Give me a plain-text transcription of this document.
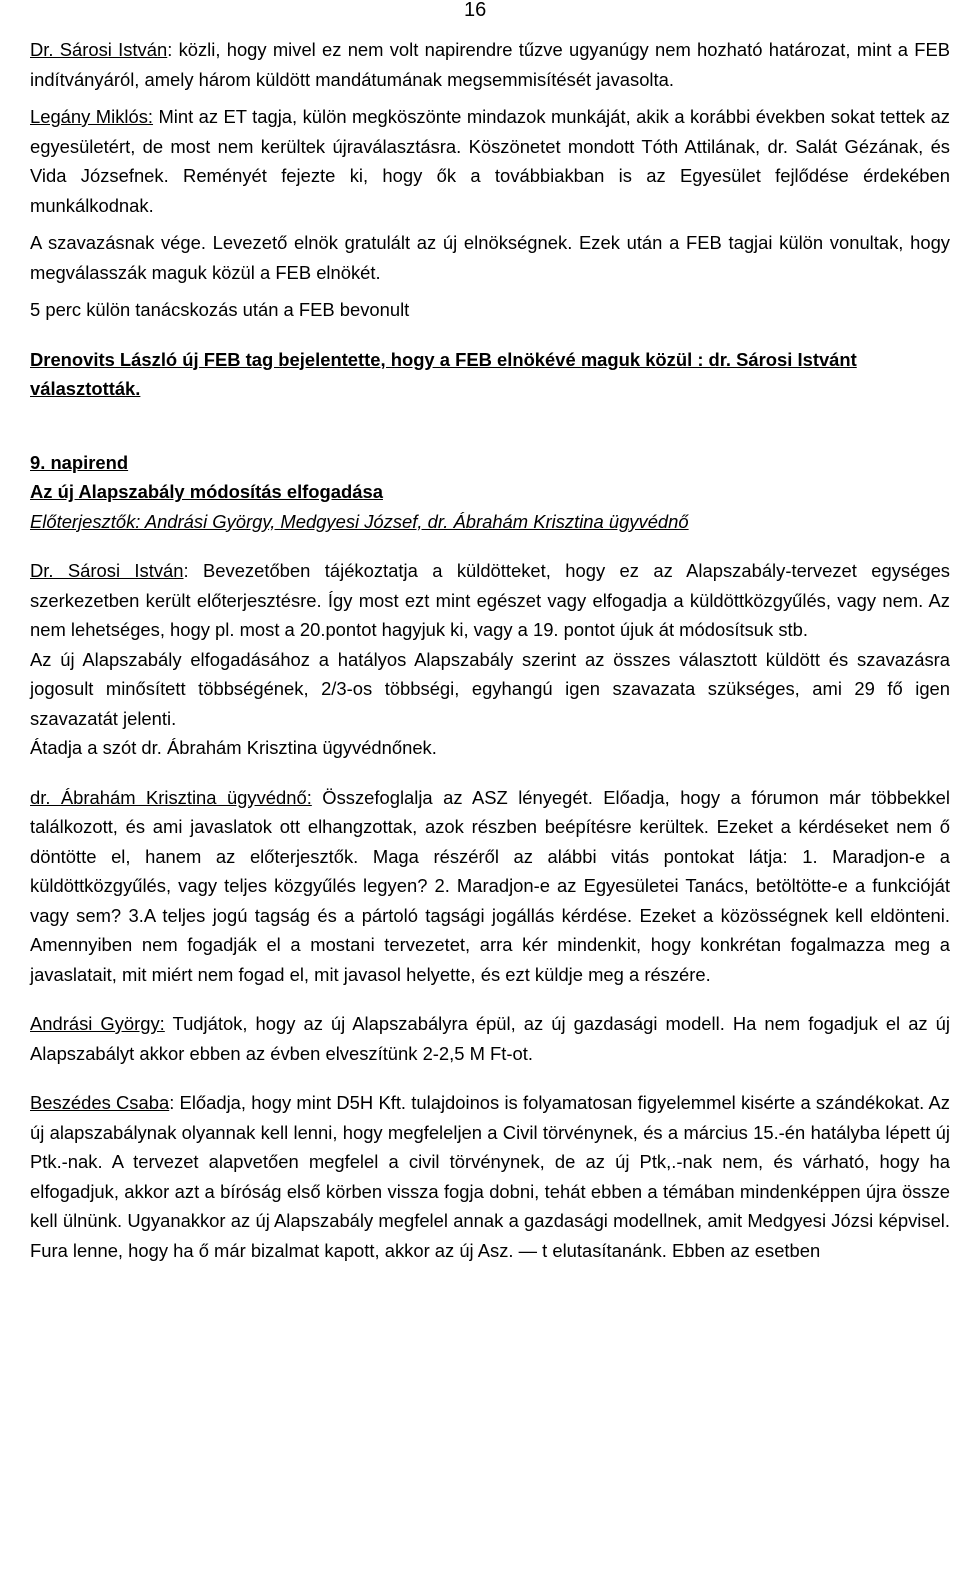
16

Dr. Sárosi István: közli, hogy mivel ez nem volt napirendre tűzve ugyanúgy nem hozható határozat, mint a FEB indítványáról, amely három küldött mandátumának megsemmisítését javasolta.

Legány Miklós: Mint az ET tagja, külön megköszönte mindazok munkáját, akik a korábbi években sokat tettek az egyesületért, de most nem kerültek újraválasztásra. Köszönetet mondott Tóth Attilának, dr. Salát Gézának, és Vida Józsefnek. Reményét fejezte ki, hogy ők a továbbiakban is az Egyesület fejlődése érdekében munkálkodnak.

A szavazásnak vége. Levezető elnök gratulált az új elnökségnek. Ezek után a FEB tagjai külön vonultak, hogy megválasszák maguk közül a FEB elnökét.

5 perc külön tanácskozás után a FEB bevonult

Drenovits László új FEB tag bejelentette, hogy a FEB elnökévé maguk közül : dr. Sárosi Istvánt választották.

9. napirend

Az új Alapszabály módosítás elfogadása

Előterjesztők: Andrási György, Medgyesi József, dr. Ábrahám Krisztina ügyvédnő

Dr. Sárosi István: Bevezetőben tájékoztatja a küldötteket, hogy ez az Alapszabály-tervezet egységes szerkezetben került előterjesztésre. Így most ezt mint egészet vagy elfogadja a küldöttközgyűlés, vagy nem. Az nem lehetséges, hogy pl. most a 20.pontot hagyjuk ki, vagy a 19. pontot újuk át módosítsuk stb.

Az új Alapszabály elfogadásához a hatályos Alapszabály szerint az összes választott küldött és szavazásra jogosult minősített többségének, 2/3-os többségi, egyhangú igen szavazata szükséges, ami 29 fő igen szavazatát jelenti.

Átadja a szót dr. Ábrahám Krisztina ügyvédnőnek.

dr. Ábrahám Krisztina ügyvédnő: Összefoglalja az ASZ lényegét. Előadja, hogy a fórumon már többekkel találkozott, és ami javaslatok ott elhangzottak, azok részben beépítésre kerültek. Ezeket a kérdéseket nem ő döntötte el, hanem az előterjesztők. Maga részéről az alábbi vitás pontokat látja: 1. Maradjon-e a küldöttközgyűlés, vagy teljes közgyűlés legyen? 2. Maradjon-e az Egyesületei Tanács, betöltötte-e a funkcióját vagy sem? 3.A teljes jogú tagság és a pártoló tagsági jogállás kérdése. Ezeket a közösségnek kell eldönteni. Amennyiben nem fogadják el a mostani tervezetet, arra kér mindenkit, hogy konkrétan fogalmazza meg a javaslatait, mit miért nem fogad el, mit javasol helyette, és ezt küldje meg a részére.

Andrási György: Tudjátok, hogy az új Alapszabályra épül, az új gazdasági modell. Ha nem fogadjuk el az új Alapszabályt akkor ebben az évben elveszítünk 2-2,5 M Ft-ot.

Beszédes Csaba: Előadja, hogy mint D5H Kft. tulajdoinos is folyamatosan figyelemmel kisérte a szándékokat. Az új alapszabálynak olyannak kell lenni, hogy megfeleljen a Civil törvénynek, és a március 15.-én hatályba lépett új Ptk.-nak. A tervezet alapvetően megfelel a civil törvénynek, de az új Ptk,.-nak nem, és várható, hogy ha elfogadjuk, akkor azt a bíróság első körben vissza fogja dobni, tehát ebben a témában mindenképpen újra össze kell ülnünk. Ugyanakkor az új Alapszabály megfelel annak a gazdasági modellnek, amit Medgyesi Józsi képvisel. Fura lenne, hogy ha ő már bizalmat kapott, akkor az új Asz. — t elutasítanánk. Ebben az esetben
